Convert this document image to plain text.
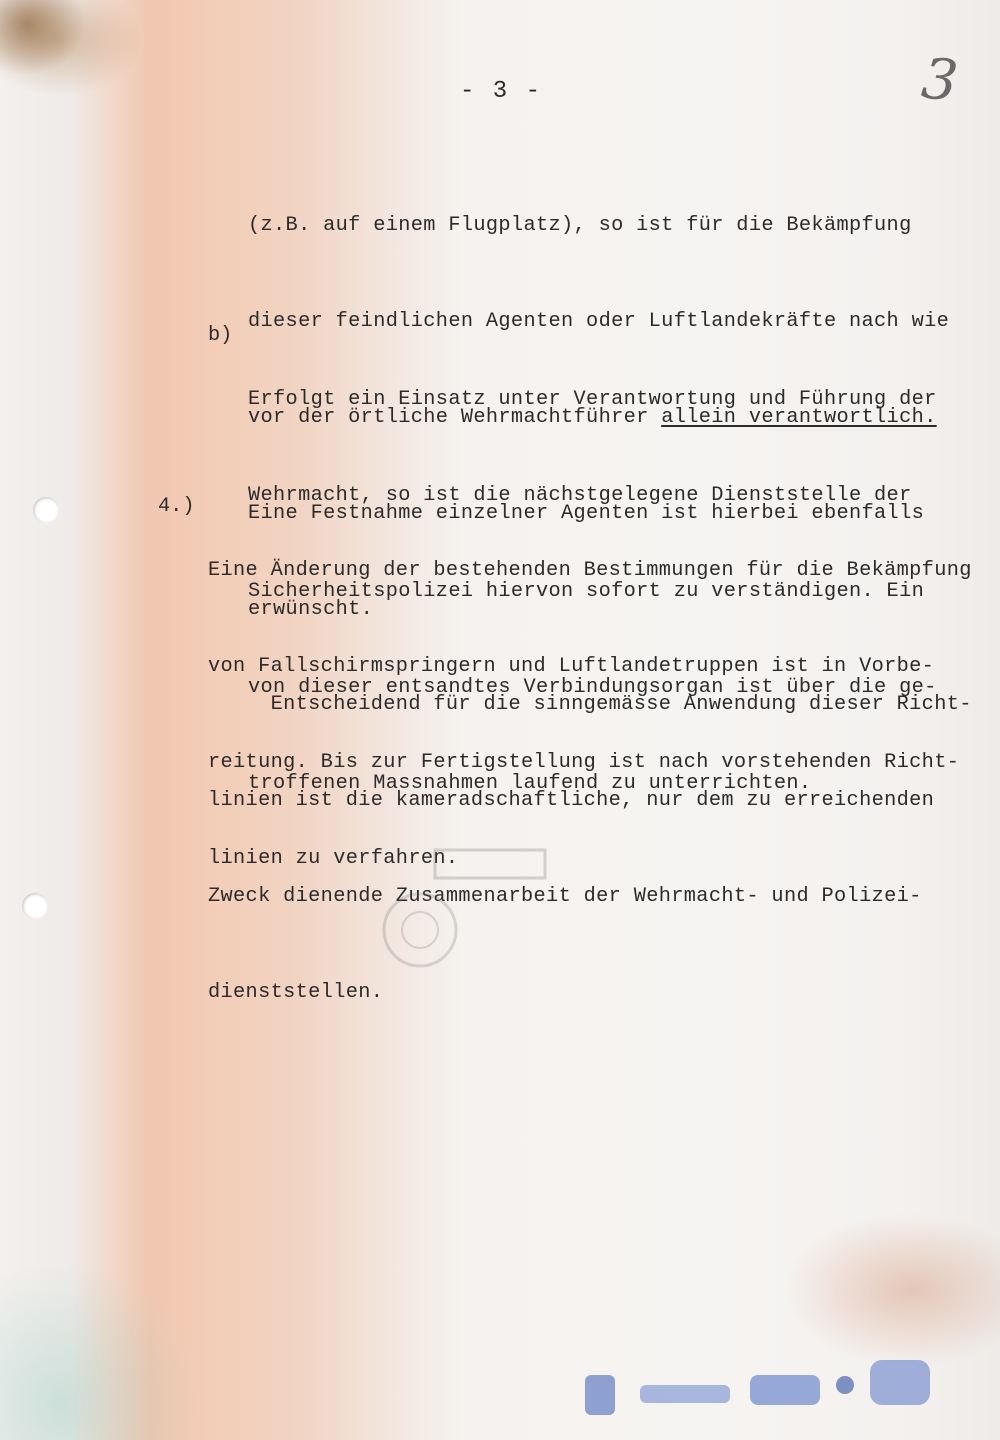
- 3 -	3

(z.B. auf einem Flugplatz), so ist für die Bekämpfung

dieser feindlichen Agenten oder Luftlandekräfte nach wie

vor der örtliche Wehrmachtführer allein verantwortlich.

Eine Festnahme einzelner Agenten ist hierbei ebenfalls

erwünscht.

b)

Erfolgt ein Einsatz unter Verantwortung und Führung der

Wehrmacht, so ist die nächstgelegene Dienststelle der

Sicherheitspolizei hiervon sofort zu verständigen. Ein

von dieser entsandtes Verbindungsorgan ist über die ge-

troffenen Massnahmen laufend zu unterrichten.

4.)

Eine Änderung der bestehenden Bestimmungen für die Bekämpfung

von Fallschirmspringern und Luftlandetruppen ist in Vorbe-

reitung. Bis zur Fertigstellung ist nach vorstehenden Richt-

linien zu verfahren.

Entscheidend für die sinngemässe Anwendung dieser Richt-

linien ist die kameradschaftliche, nur dem zu erreichenden

Zweck dienende Zusammenarbeit der Wehrmacht- und Polizei-

dienststellen.
